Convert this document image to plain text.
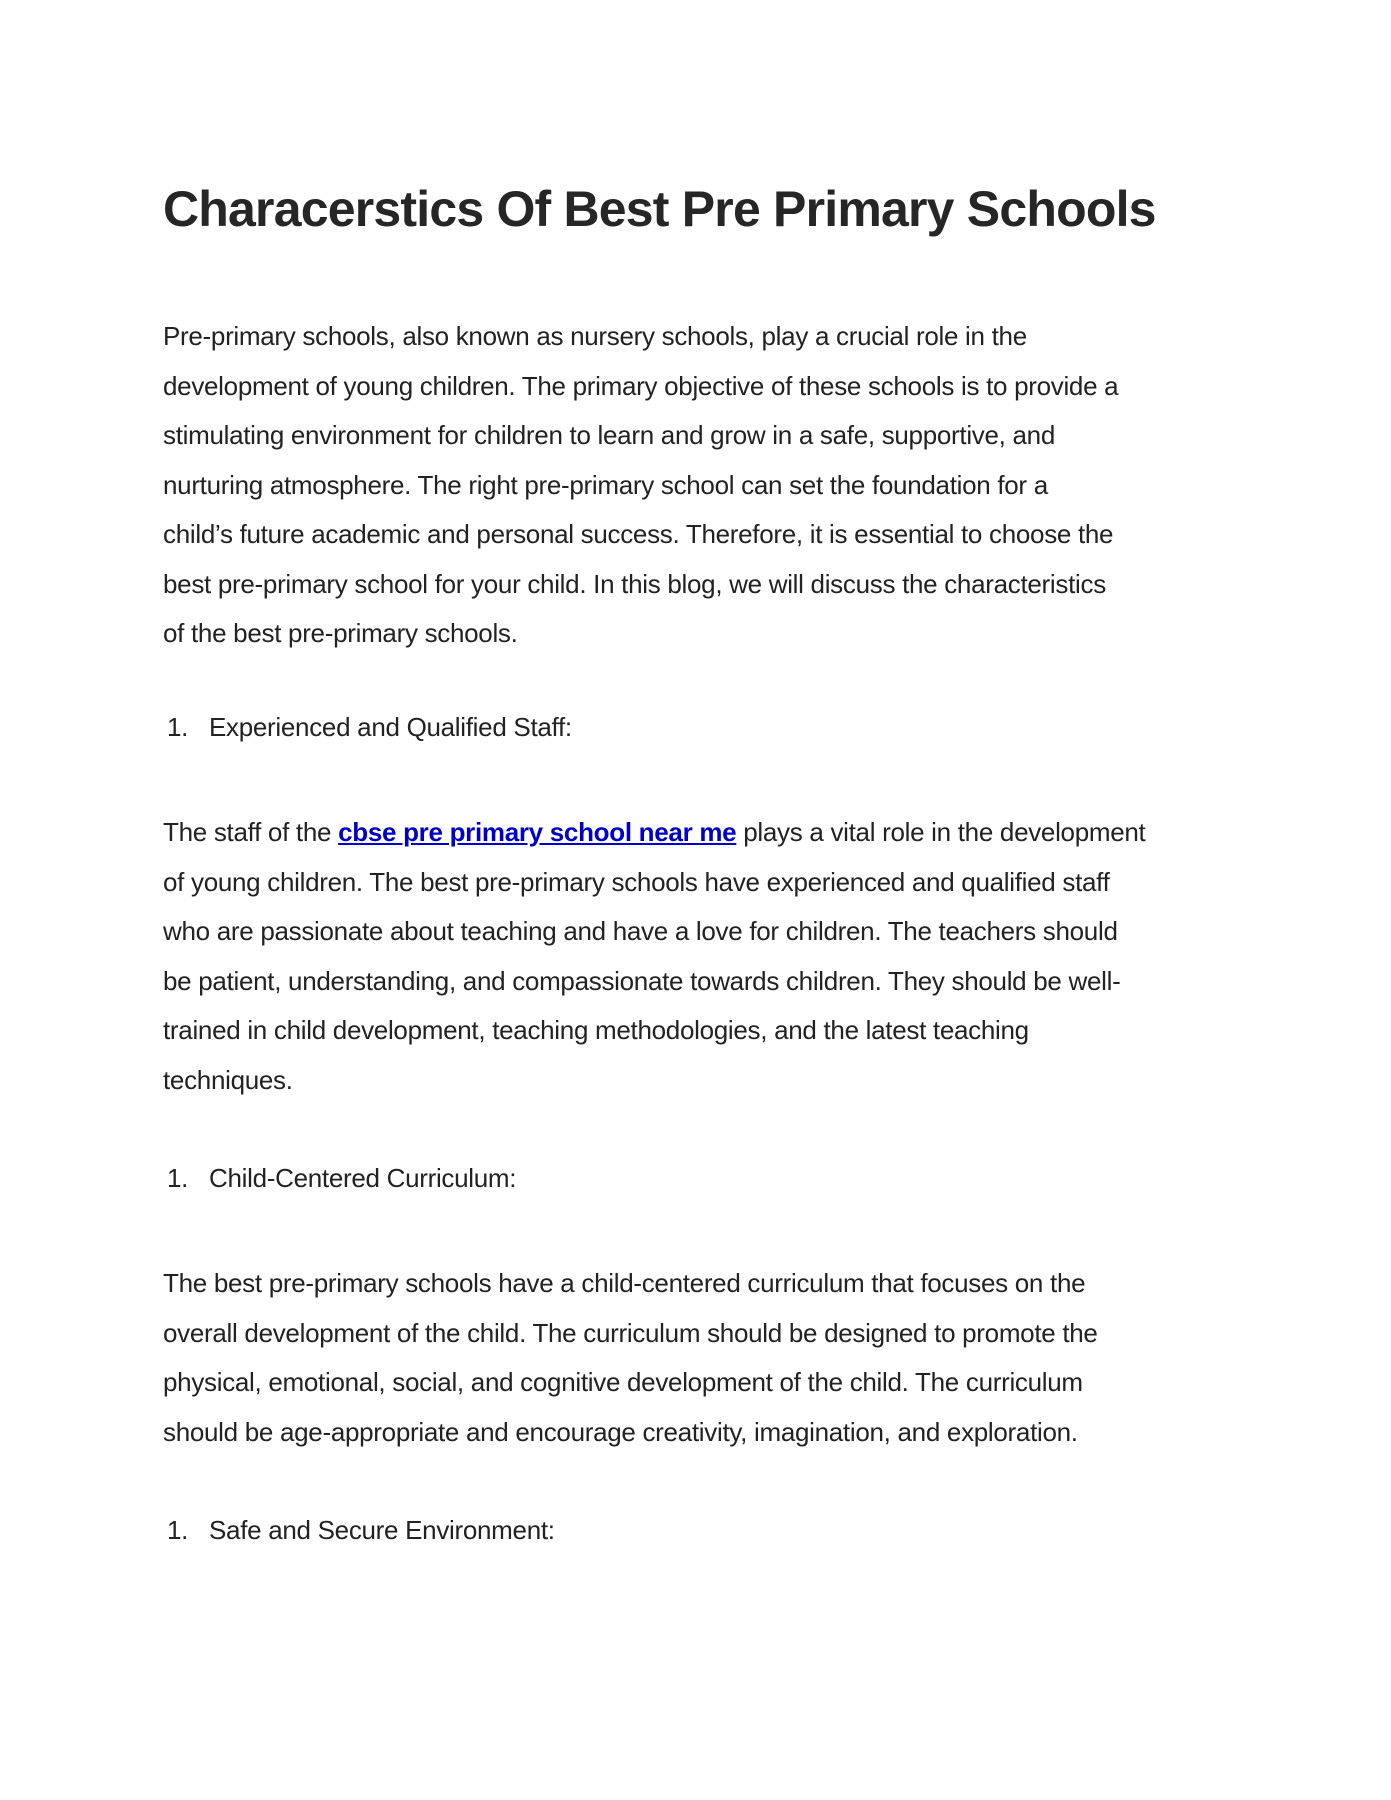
Characerstics Of Best Pre Primary Schools
Pre-primary schools, also known as nursery schools, play a crucial role in the
development of young children. The primary objective of these schools is to provide a
stimulating environment for children to learn and grow in a safe, supportive, and
nurturing atmosphere. The right pre-primary school can set the foundation for a
child’s future academic and personal success. Therefore, it is essential to choose the
best pre-primary school for your child. In this blog, we will discuss the characteristics
of the best pre-primary schools.
1. Experienced and Qualified Staff:
The staff of the cbse pre primary school near me plays a vital role in the development
of young children. The best pre-primary schools have experienced and qualified staff
who are passionate about teaching and have a love for children. The teachers should
be patient, understanding, and compassionate towards children. They should be well-
trained in child development, teaching methodologies, and the latest teaching
techniques.
1. Child-Centered Curriculum:
The best pre-primary schools have a child-centered curriculum that focuses on the
overall development of the child. The curriculum should be designed to promote the
physical, emotional, social, and cognitive development of the child. The curriculum
should be age-appropriate and encourage creativity, imagination, and exploration.
1. Safe and Secure Environment:
